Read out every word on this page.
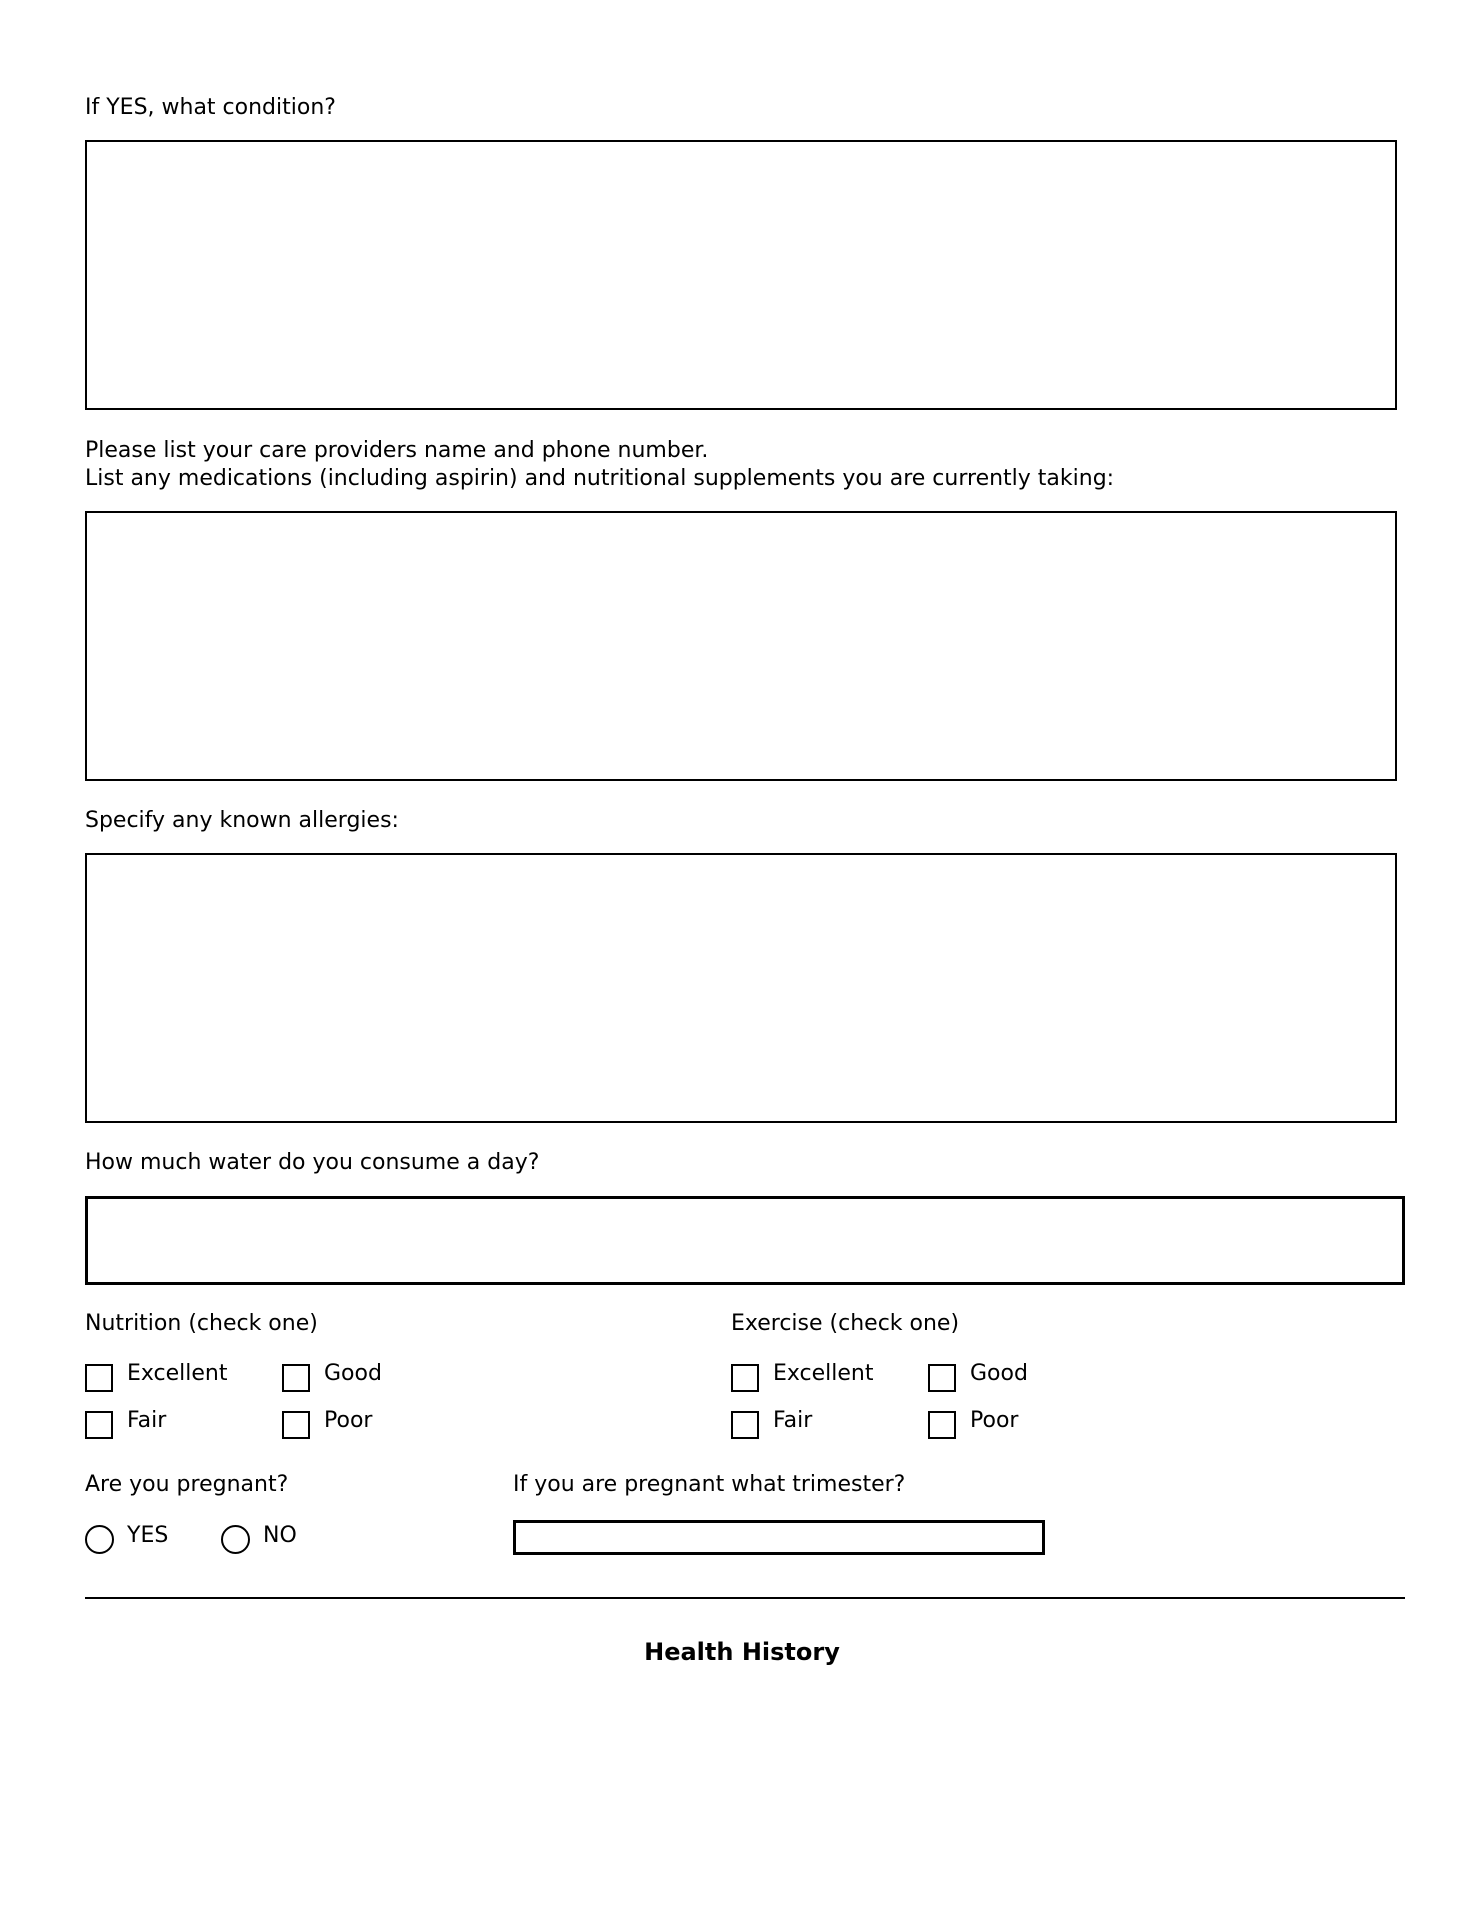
If YES, what condition?

Please list your care providers name and phone number.

List any medications (including aspirin) and nutritional supplements you are currently taking:

Specify any known allergies:

How much water do you consume a day?

Nutrition (check one)

Excellent	Good
Fair	Poor

Exercise (check one)

Excellent	Good
Fair	Poor

Are you pregnant?

YES	NO

If you are pregnant what trimester?

Health History
